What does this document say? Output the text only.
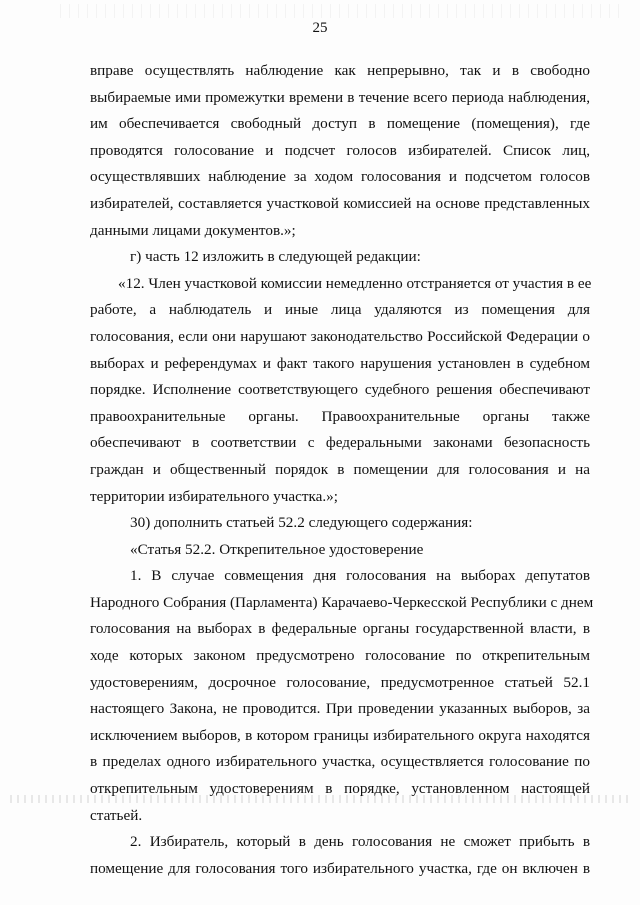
25
вправе осуществлять наблюдение как непрерывно, так и в свободно
выбираемые ими промежутки времени в течение всего периода наблюдения,
им обеспечивается свободный доступ в помещение (помещения), где
проводятся голосование и подсчет голосов избирателей. Список лиц,
осуществлявших наблюдение за ходом голосования и подсчетом голосов
избирателей, составляется участковой комиссией на основе представленных
данными лицами документов.»;
г) часть 12 изложить в следующей редакции:
«12. Член участковой комиссии немедленно отстраняется от участия в ее
работе, а наблюдатель и иные лица удаляются из помещения для
голосования, если они нарушают законодательство Российской Федерации о
выборах и референдумах и факт такого нарушения установлен в судебном
порядке. Исполнение соответствующего судебного решения обеспечивают
правоохранительные органы. Правоохранительные органы также
обеспечивают в соответствии с федеральными законами безопасность
граждан и общественный порядок в помещении для голосования и на
территории избирательного участка.»;
30) дополнить статьей 52.2 следующего содержания:
«Статья 52.2. Открепительное удостоверение
1. В случае совмещения дня голосования на выборах депутатов
Народного Собрания (Парламента) Карачаево-Черкесской Республики с днем
голосования на выборах в федеральные органы государственной власти, в
ходе которых законом предусмотрено голосование по открепительным
удостоверениям, досрочное голосование, предусмотренное статьей 52.1
настоящего Закона, не проводится. При проведении указанных выборов, за
исключением выборов, в котором границы избирательного округа находятся
в пределах одного избирательного участка, осуществляется голосование по
открепительным удостоверениям в порядке, установленном настоящей
статьей.
2. Избиратель, который в день голосования не сможет прибыть в
помещение для голосования того избирательного участка, где он включен в
